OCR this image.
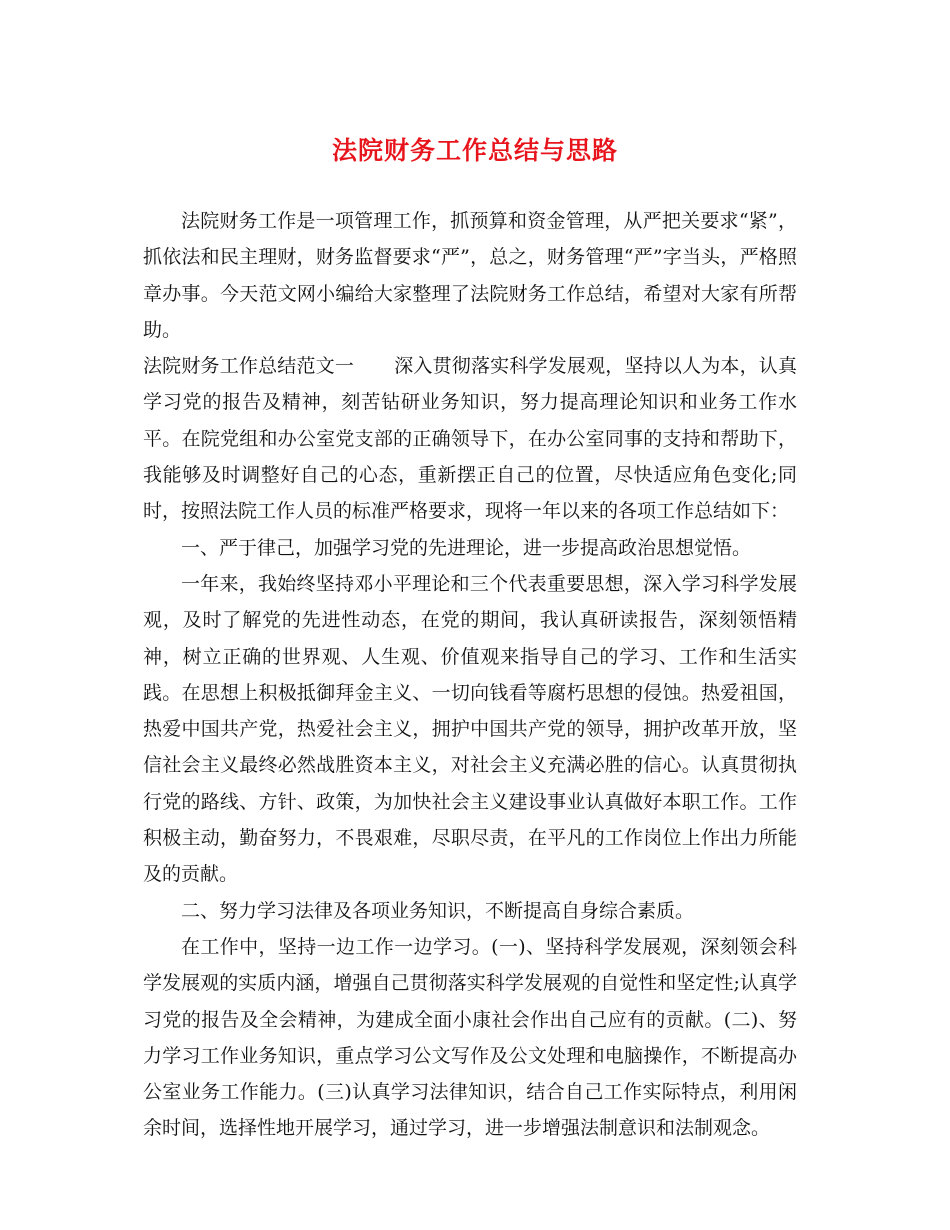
法院财务工作总结与思路

法院财务工作是一项管理工作，抓预算和资金管理，从严把关要求“紧”，抓依法和民主理财，财务监督要求“严”，总之，财务管理“严”字当头，严格照章办事。今天范文网小编给大家整理了法院财务工作总结，希望对大家有所帮助。

法院财务工作总结范文一 深入贯彻落实科学发展观，坚持以人为本，认真学习党的报告及精神，刻苦钻研业务知识，努力提高理论知识和业务工作水平。在院党组和办公室党支部的正确领导下，在办公室同事的支持和帮助下，我能够及时调整好自己的心态，重新摆正自己的位置，尽快适应角色变化;同时，按照法院工作人员的标准严格要求，现将一年以来的各项工作总结如下：

一、严于律己，加强学习党的先进理论，进一步提高政治思想觉悟。

一年来，我始终坚持邓小平理论和三个代表重要思想，深入学习科学发展观，及时了解党的先进性动态，在党的期间，我认真研读报告，深刻领悟精神，树立正确的世界观、人生观、价值观来指导自己的学习、工作和生活实践。在思想上积极抵御拜金主义、一切向钱看等腐朽思想的侵蚀。热爱祖国，热爱中国共产党，热爱社会主义，拥护中国共产党的领导，拥护改革开放，坚信社会主义最终必然战胜资本主义，对社会主义充满必胜的信心。认真贯彻执行党的路线、方针、政策，为加快社会主义建设事业认真做好本职工作。工作积极主动，勤奋努力，不畏艰难，尽职尽责，在平凡的工作岗位上作出力所能及的贡献。

二、努力学习法律及各项业务知识，不断提高自身综合素质。

在工作中，坚持一边工作一边学习。(一)、坚持科学发展观，深刻领会科学发展观的实质内涵，增强自己贯彻落实科学发展观的自觉性和坚定性;认真学习党的报告及全会精神，为建成全面小康社会作出自己应有的贡献。(二)、努力学习工作业务知识，重点学习公文写作及公文处理和电脑操作，不断提高办公室业务工作能力。(三)认真学习法律知识，结合自己工作实际特点，利用闲余时间，选择性地开展学习，通过学习，进一步增强法制意识和法制观念。
